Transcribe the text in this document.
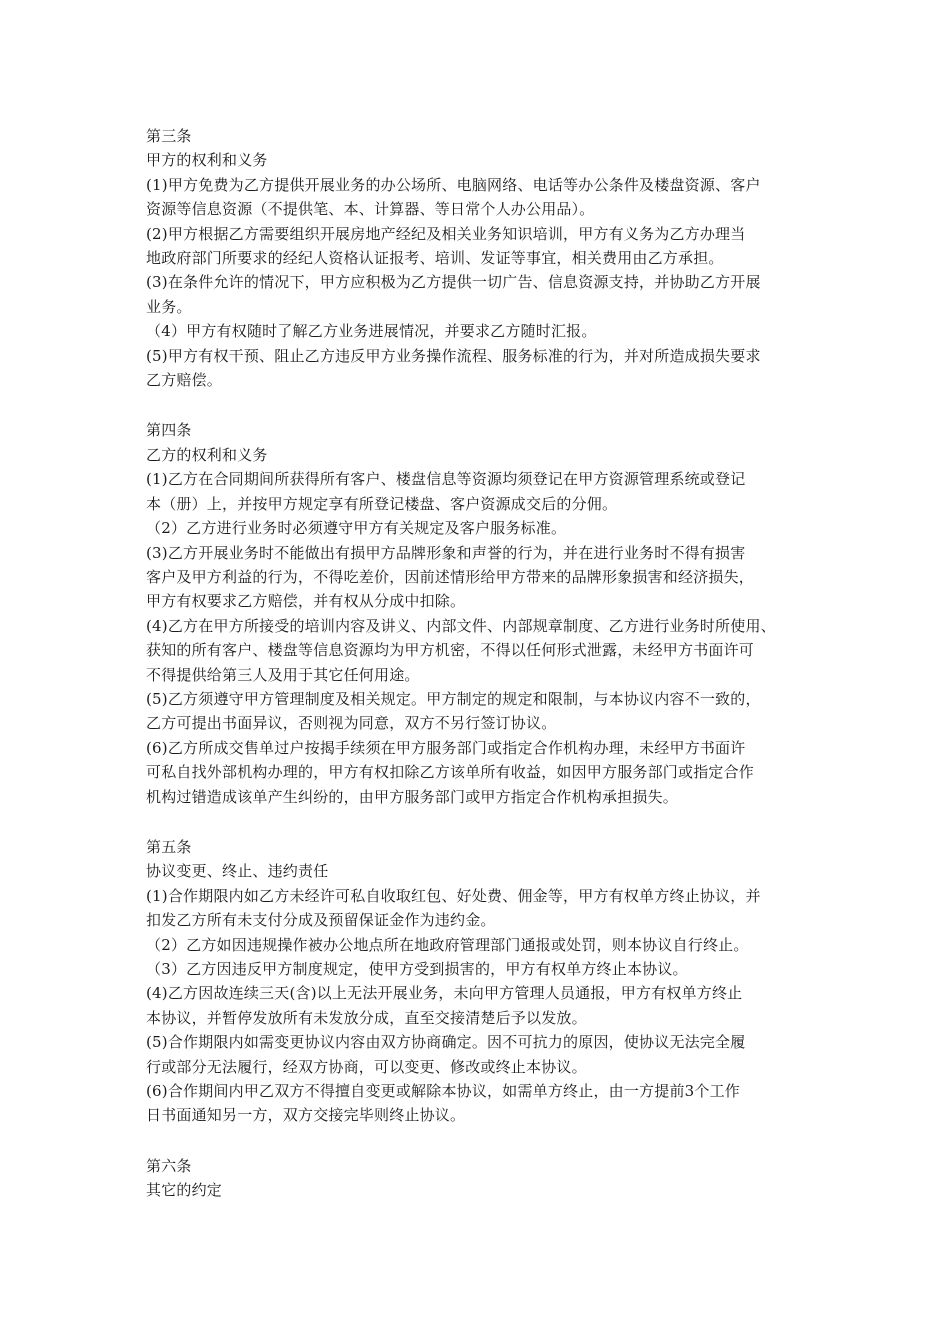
第三条
甲方的权利和义务
(1)甲方免费为乙方提供开展业务的办公场所、电脑网络、电话等办公条件及楼盘资源、客户
资源等信息资源（不提供笔、本、计算器、等日常个人办公用品）。
(2)甲方根据乙方需要组织开展房地产经纪及相关业务知识培训，甲方有义务为乙方办理当
地政府部门所要求的经纪人资格认证报考、培训、发证等事宜，相关费用由乙方承担。
(3)在条件允许的情况下，甲方应积极为乙方提供一切广告、信息资源支持，并协助乙方开展
业务。
（4）甲方有权随时了解乙方业务进展情况，并要求乙方随时汇报。
(5)甲方有权干预、阻止乙方违反甲方业务操作流程、服务标准的行为，并对所造成损失要求
乙方赔偿。
第四条
乙方的权利和义务
(1)乙方在合同期间所获得所有客户、楼盘信息等资源均须登记在甲方资源管理系统或登记
本（册）上，并按甲方规定享有所登记楼盘、客户资源成交后的分佣。
（2）乙方进行业务时必须遵守甲方有关规定及客户服务标准。
(3)乙方开展业务时不能做出有损甲方品牌形象和声誉的行为，并在进行业务时不得有损害
客户及甲方利益的行为，不得吃差价，因前述情形给甲方带来的品牌形象损害和经济损失，
甲方有权要求乙方赔偿，并有权从分成中扣除。
(4)乙方在甲方所接受的培训内容及讲义、内部文件、内部规章制度、乙方进行业务时所使用、
获知的所有客户、楼盘等信息资源均为甲方机密，不得以任何形式泄露，未经甲方书面许可
不得提供给第三人及用于其它任何用途。
(5)乙方须遵守甲方管理制度及相关规定。甲方制定的规定和限制，与本协议内容不一致的，
乙方可提出书面异议，否则视为同意，双方不另行签订协议。
(6)乙方所成交售单过户按揭手续须在甲方服务部门或指定合作机构办理，未经甲方书面许
可私自找外部机构办理的，甲方有权扣除乙方该单所有收益，如因甲方服务部门或指定合作
机构过错造成该单产生纠纷的，由甲方服务部门或甲方指定合作机构承担损失。
第五条
协议变更、终止、违约责任
(1)合作期限内如乙方未经许可私自收取红包、好处费、佣金等，甲方有权单方终止协议，并
扣发乙方所有未支付分成及预留保证金作为违约金。
（2）乙方如因违规操作被办公地点所在地政府管理部门通报或处罚，则本协议自行终止。
（3）乙方因违反甲方制度规定，使甲方受到损害的，甲方有权单方终止本协议。
(4)乙方因故连续三天(含)以上无法开展业务，未向甲方管理人员通报，甲方有权单方终止
本协议，并暂停发放所有未发放分成，直至交接清楚后予以发放。
(5)合作期限内如需变更协议内容由双方协商确定。因不可抗力的原因，使协议无法完全履
行或部分无法履行，经双方协商，可以变更、修改或终止本协议。
(6)合作期间内甲乙双方不得擅自变更或解除本协议，如需单方终止，由一方提前3个工作
日书面通知另一方，双方交接完毕则终止协议。
第六条
其它的约定
